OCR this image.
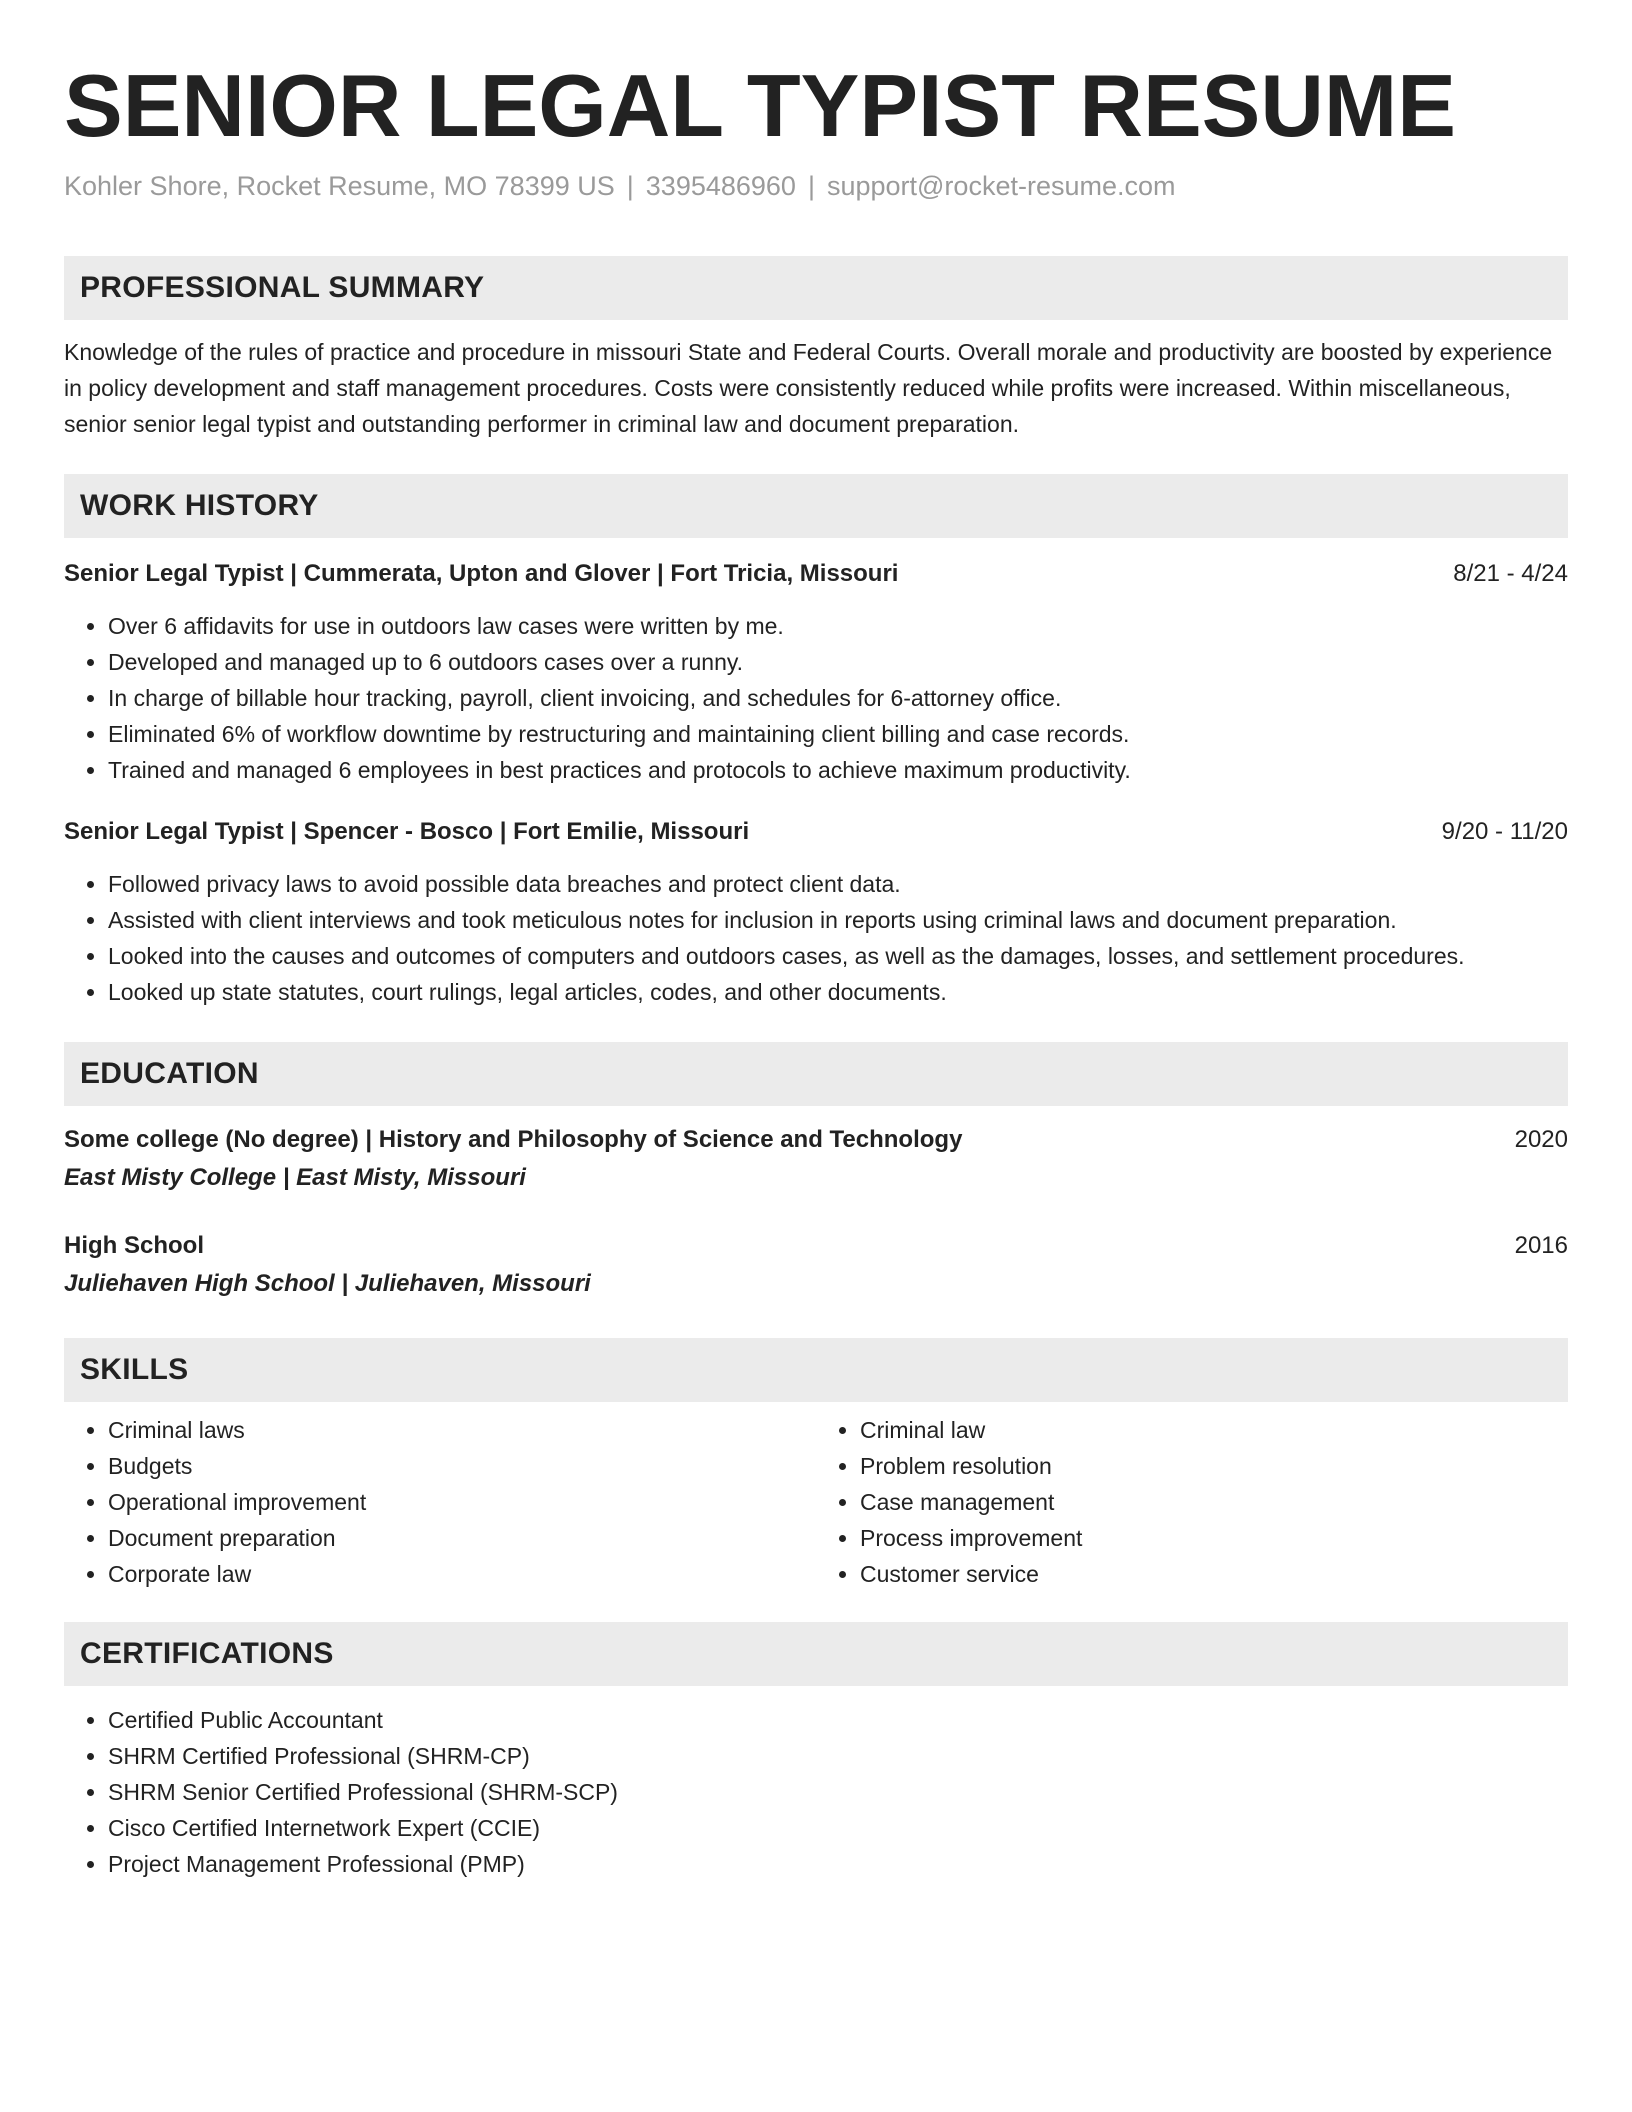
SENIOR LEGAL TYPIST RESUME
Kohler Shore, Rocket Resume, MO 78399 US | 3395486960 | support@rocket-resume.com
PROFESSIONAL SUMMARY
Knowledge of the rules of practice and procedure in missouri State and Federal Courts. Overall morale and productivity are boosted by experience in policy development and staff management procedures. Costs were consistently reduced while profits were increased. Within miscellaneous, senior senior legal typist and outstanding performer in criminal law and document preparation.
WORK HISTORY
Senior Legal Typist | Cummerata, Upton and Glover | Fort Tricia, Missouri	8/21 - 4/24
• Over 6 affidavits for use in outdoors law cases were written by me.
• Developed and managed up to 6 outdoors cases over a runny.
• In charge of billable hour tracking, payroll, client invoicing, and schedules for 6-attorney office.
• Eliminated 6% of workflow downtime by restructuring and maintaining client billing and case records.
• Trained and managed 6 employees in best practices and protocols to achieve maximum productivity.
Senior Legal Typist | Spencer - Bosco | Fort Emilie, Missouri	9/20 - 11/20
• Followed privacy laws to avoid possible data breaches and protect client data.
• Assisted with client interviews and took meticulous notes for inclusion in reports using criminal laws and document preparation.
• Looked into the causes and outcomes of computers and outdoors cases, as well as the damages, losses, and settlement procedures.
• Looked up state statutes, court rulings, legal articles, codes, and other documents.
EDUCATION
Some college (No degree) | History and Philosophy of Science and Technology	2020
East Misty College | East Misty, Missouri
High School	2016
Juliehaven High School | Juliehaven, Missouri
SKILLS
• Criminal laws
• Budgets
• Operational improvement
• Document preparation
• Corporate law
• Criminal law
• Problem resolution
• Case management
• Process improvement
• Customer service
CERTIFICATIONS
• Certified Public Accountant
• SHRM Certified Professional (SHRM-CP)
• SHRM Senior Certified Professional (SHRM-SCP)
• Cisco Certified Internetwork Expert (CCIE)
• Project Management Professional (PMP)
